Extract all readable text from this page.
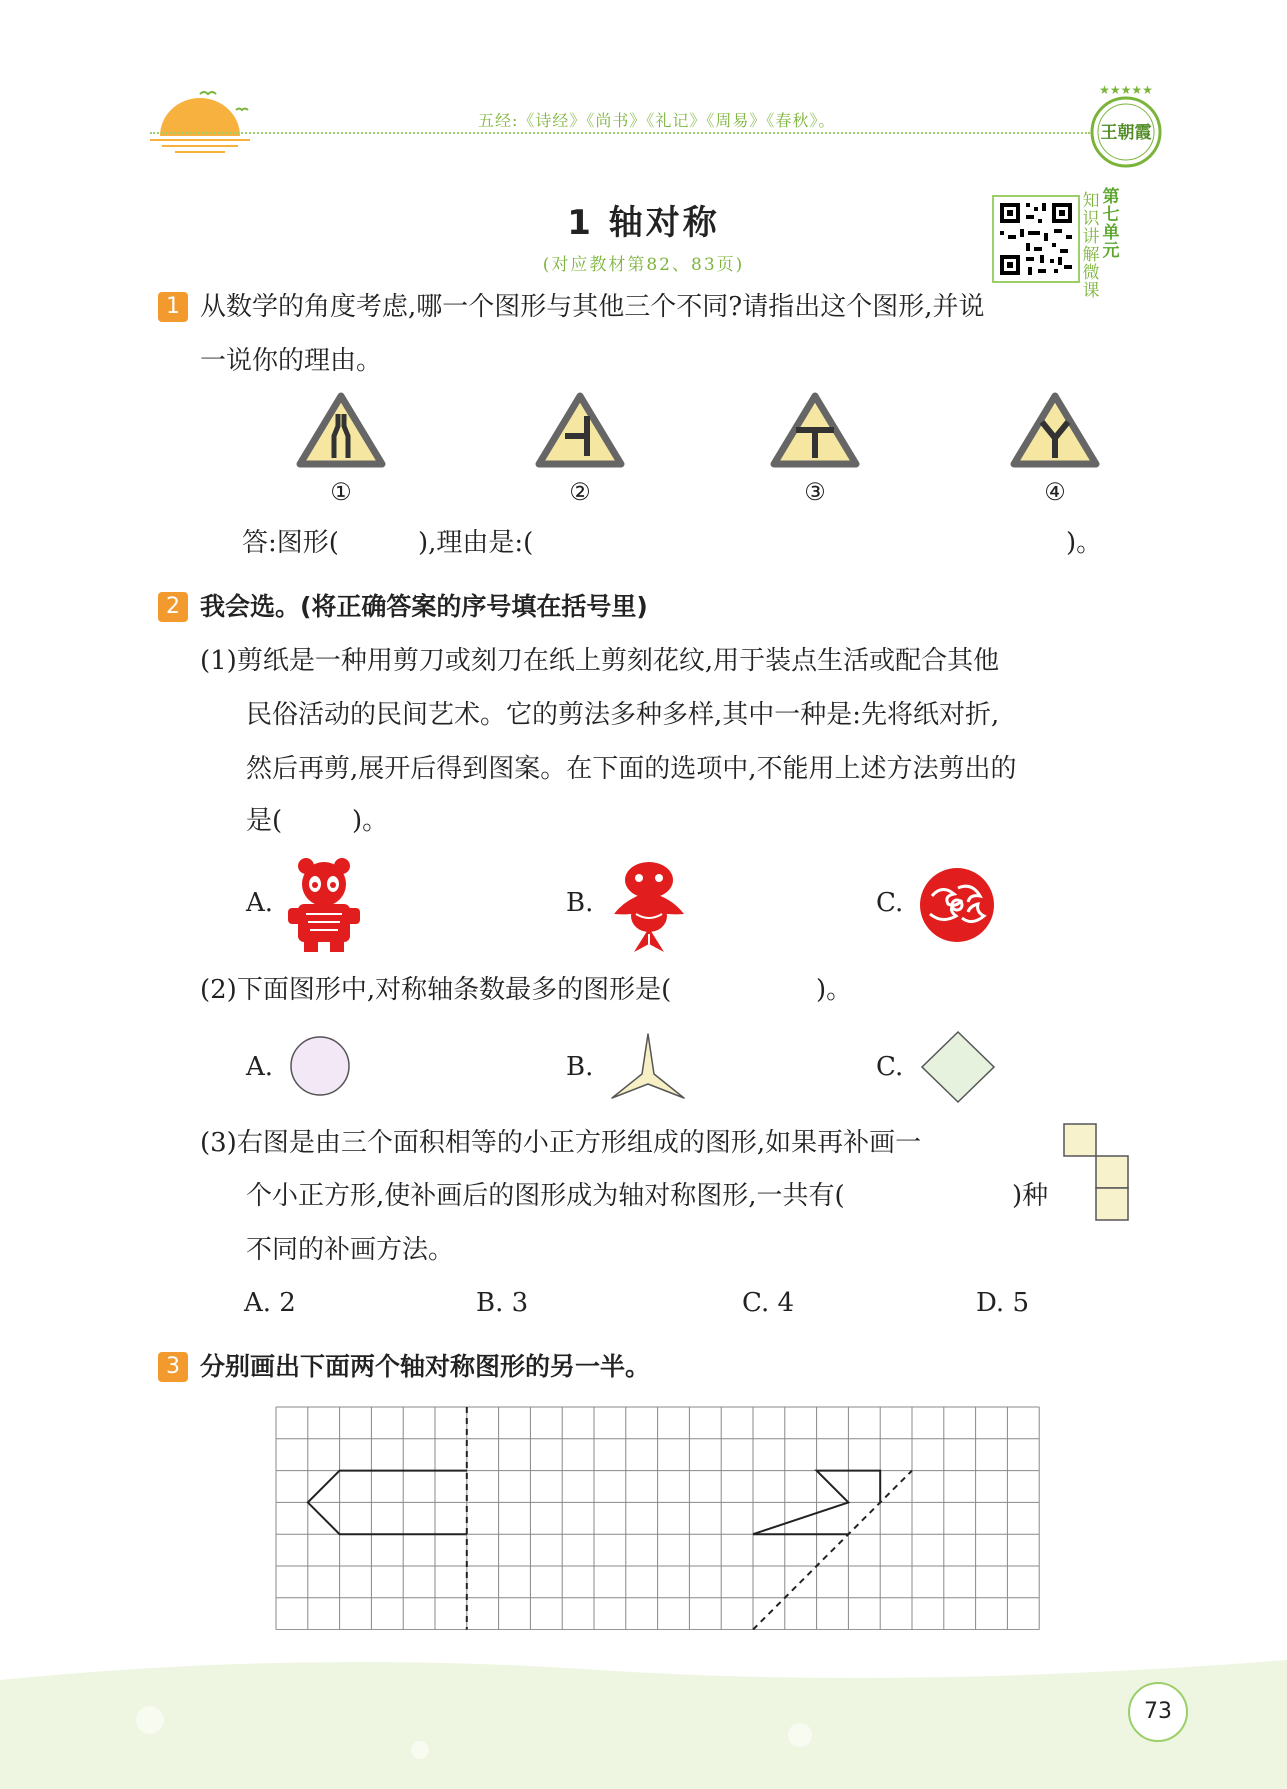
五经:《诗经》《尚书》《礼记》《周易》《春秋》。
★★★★★
王朝霞
1 轴对称
(对应教材第82、83页)
知识讲解微课
第七单元
1 从数学的角度考虑,哪一个图形与其他三个不同?请指出这个图形,并说
一说你的理由。
①	②	③	④
答:图形(	),理由是:(	)。
2 我会选。(将正确答案的序号填在括号里)
(1)剪纸是一种用剪刀或刻刀在纸上剪刻花纹,用于装点生活或配合其他
民俗活动的民间艺术。它的剪法多种多样,其中一种是:先将纸对折,
然后再剪,展开后得到图案。在下面的选项中,不能用上述方法剪出的
是(	)。
A.	B.	C.
(2)下面图形中,对称轴条数最多的图形是(	)。
A.	B.	C.
(3)右图是由三个面积相等的小正方形组成的图形,如果再补画一
个小正方形,使补画后的图形成为轴对称图形,一共有(	)种
不同的补画方法。
A. 2	B. 3	C. 4	D. 5
3 分别画出下面两个轴对称图形的另一半。
73
